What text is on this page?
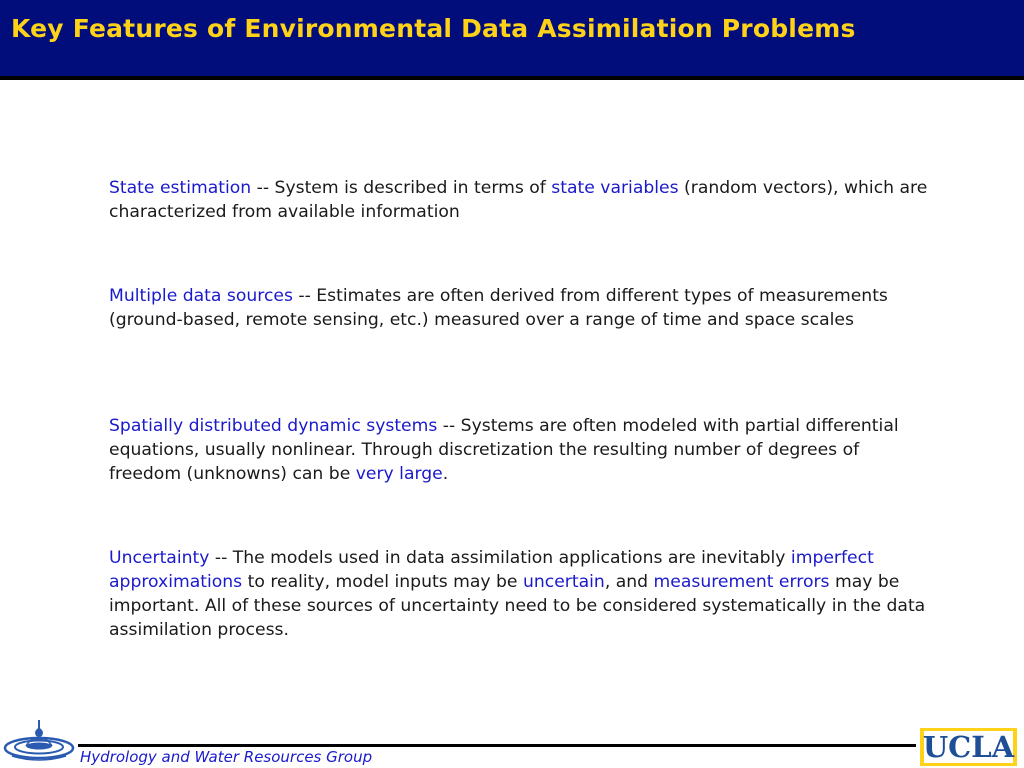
Key Features of Environmental Data Assimilation Problems

State estimation -- System is described in terms of state variables (random vectors), which are characterized from available information

Multiple data sources -- Estimates are often derived from different types of measurements (ground-based, remote sensing, etc.) measured over a range of time and space scales

Spatially distributed dynamic systems -- Systems are often modeled with partial differential equations, usually nonlinear. Through discretization the resulting number of degrees of freedom (unknowns) can be very large.

Uncertainty -- The models used in data assimilation applications are inevitably imperfect approximations to reality, model inputs may be uncertain, and measurement errors may be important. All of these sources of uncertainty need to be considered systematically in the data assimilation process.

Hydrology and Water Resources Group	UCLA
